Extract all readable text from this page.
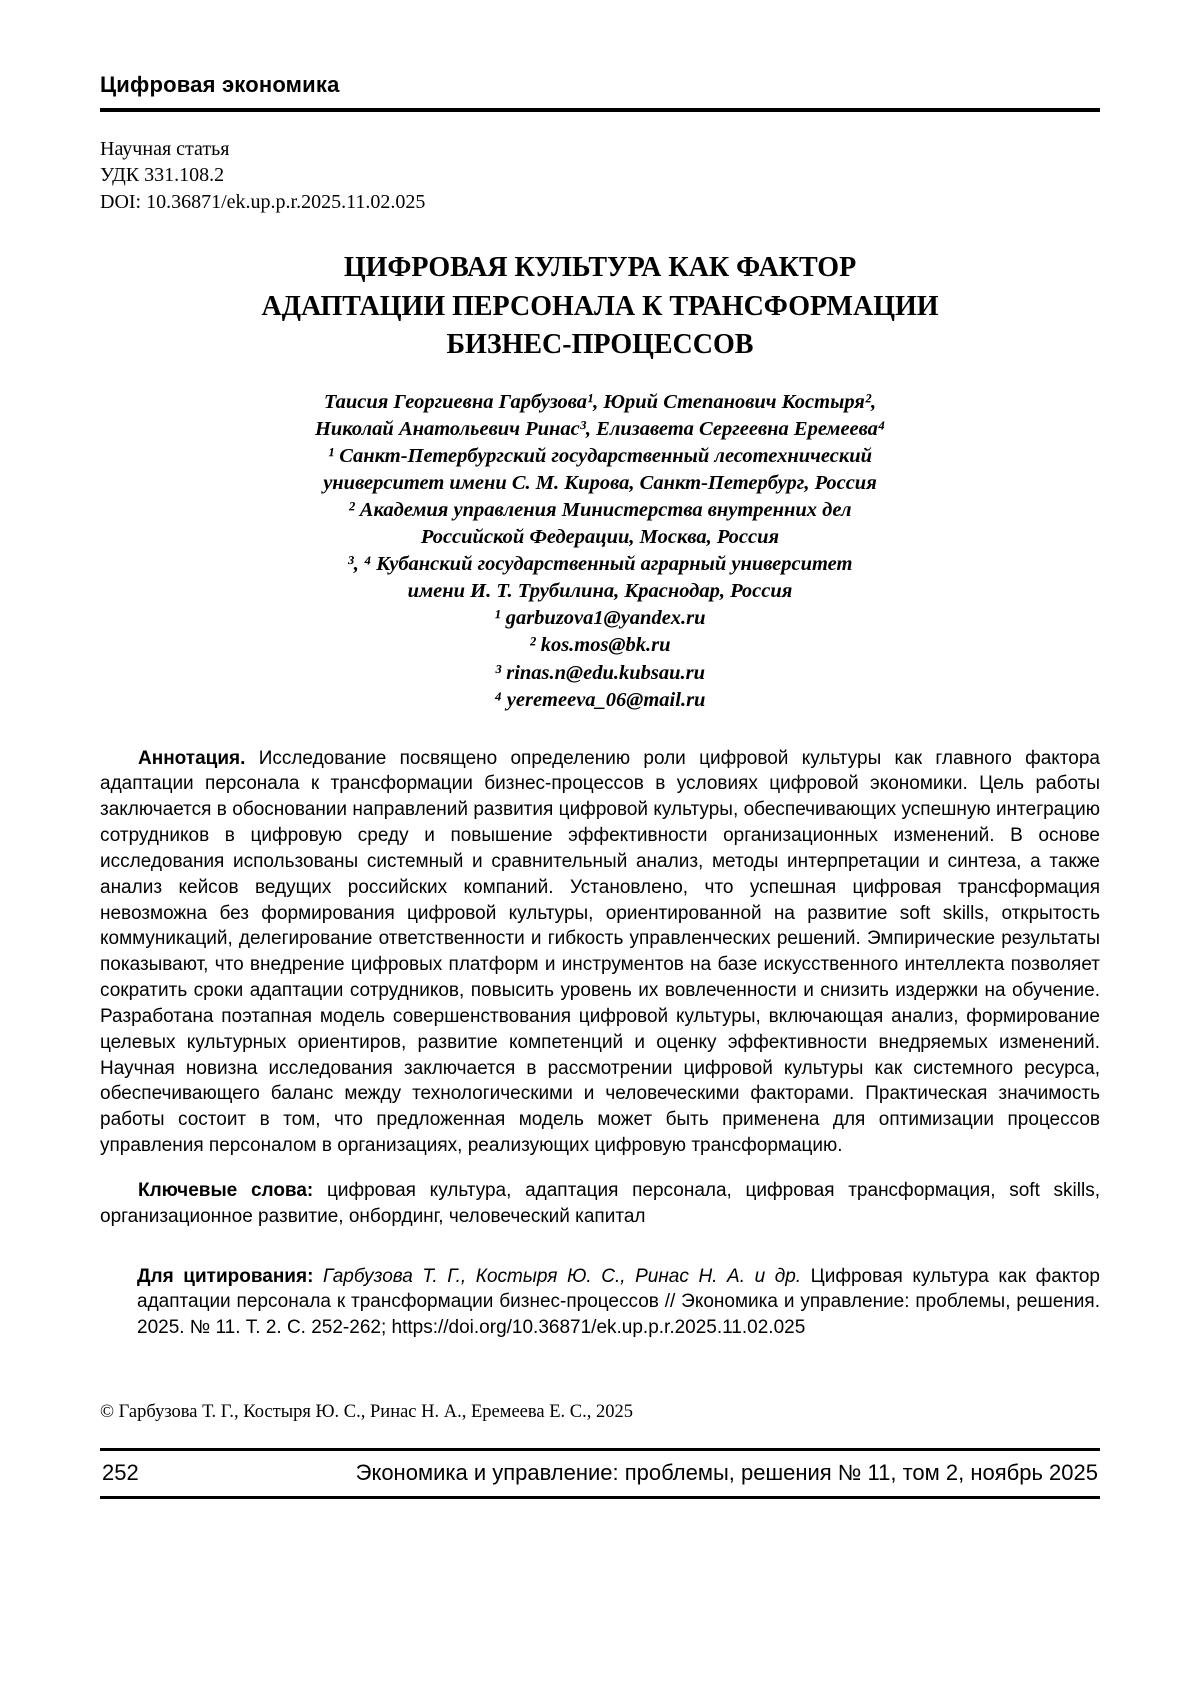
Цифровая экономика
Научная статья
УДК 331.108.2
DOI: 10.36871/ek.up.p.r.2025.11.02.025
ЦИФРОВАЯ КУЛЬТУРА КАК ФАКТОР
АДАПТАЦИИ ПЕРСОНАЛА К ТРАНСФОРМАЦИИ
БИЗНЕС-ПРОЦЕССОВ
Таисия Георгиевна Гарбузова¹, Юрий Степанович Костыря²,
Николай Анатольевич Ринас³, Елизавета Сергеевна Еремеева⁴
¹ Санкт-Петербургский государственный лесотехнический
университет имени С. М. Кирова, Санкт-Петербург, Россия
² Академия управления Министерства внутренних дел
Российской Федерации, Москва, Россия
³, ⁴ Кубанский государственный аграрный университет
имени И. Т. Трубилина, Краснодар, Россия
¹ garbuzova1@yandex.ru
² kos.mos@bk.ru
³ rinas.n@edu.kubsau.ru
⁴ yeremeeva_06@mail.ru

Аннотация. Исследование посвящено определению роли цифровой культуры как главного фактора адаптации персонала к трансформации бизнес-процессов в условиях цифровой экономики. Цель работы заключается в обосновании направлений развития цифровой культуры, обеспечивающих успешную интеграцию сотрудников в цифровую среду и повышение эффективности организационных изменений. В основе исследования использованы системный и сравнительный анализ, методы интерпретации и синтеза, а также анализ кейсов ведущих российских компаний. Установлено, что успешная цифровая трансформация невозможна без формирования цифровой культуры, ориентированной на развитие soft skills, открытость коммуникаций, делегирование ответственности и гибкость управленческих решений. Эмпирические результаты показывают, что внедрение цифровых платформ и инструментов на базе искусственного интеллекта позволяет сократить сроки адаптации сотрудников, повысить уровень их вовлеченности и снизить издержки на обучение. Разработана поэтапная модель совершенствования цифровой культуры, включающая анализ, формирование целевых культурных ориентиров, развитие компетенций и оценку эффективности внедряемых изменений. Научная новизна исследования заключается в рассмотрении цифровой культуры как системного ресурса, обеспечивающего баланс между технологическими и человеческими факторами. Практическая значимость работы состоит в том, что предложенная модель может быть применена для оптимизации процессов управления персоналом в организациях, реализующих цифровую трансформацию.

Ключевые слова: цифровая культура, адаптация персонала, цифровая трансформация, soft skills, организационное развитие, онбординг, человеческий капитал

Для цитирования: Гарбузова Т. Г., Костыря Ю. С., Ринас Н. А. и др. Цифровая культура как фактор адаптации персонала к трансформации бизнес-процессов // Экономика и управление: проблемы, решения. 2025. № 11. Т. 2. С. 252-262; https://doi.org/10.36871/ek.up.p.r.2025.11.02.025

© Гарбузова Т. Г., Костыря Ю. С., Ринас Н. А., Еремеева Е. С., 2025
252	Экономика и управление: проблемы, решения № 11, том 2, ноябрь 2025
